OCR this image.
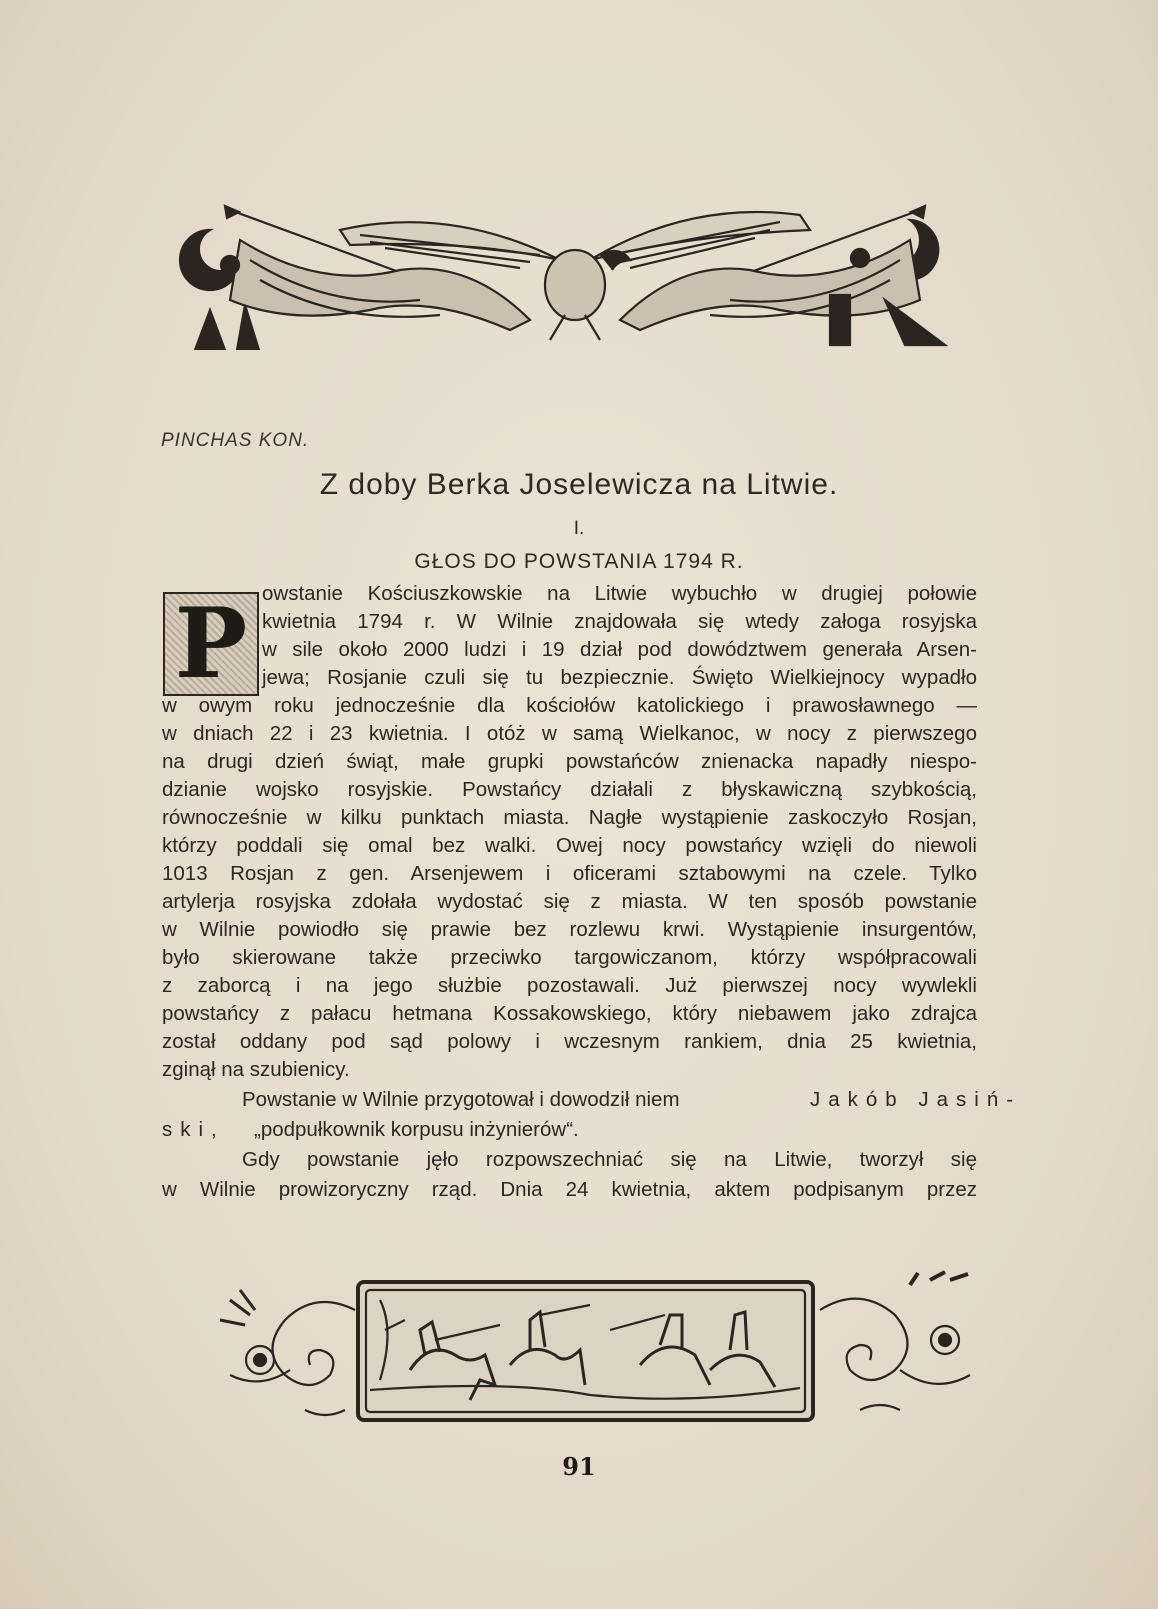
PINCHAS KON.
Z doby Berka Joselewicza na Litwie.
I.
GŁOS DO POWSTANIA 1794 R.
P owstanie Kościuszkowskie na Litwie wybuchło w drugiej połowie
kwietnia 1794 r. W Wilnie znajdowała się wtedy załoga rosyjska
w sile około 2000 ludzi i 19 dział pod dowództwem generała Arsen-
jewa; Rosjanie czuli się tu bezpiecznie. Święto Wielkiejnocy wypadło
w owym roku jednocześnie dla kościołów katolickiego i prawosławnego —
w dniach 22 i 23 kwietnia. I otóż w samą Wielkanoc, w nocy z pierwszego
na drugi dzień świąt, małe grupki powstańców znienacka napadły niespo-
dzianie wojsko rosyjskie. Powstańcy działali z błyskawiczną szybkością,
równocześnie w kilku punktach miasta. Nagłe wystąpienie zaskoczyło Rosjan,
którzy poddali się omal bez walki. Owej nocy powstańcy wzięli do niewoli
1013 Rosjan z gen. Arsenjewem i oficerami sztabowymi na czele. Tylko
artylerja rosyjska zdołała wydostać się z miasta. W ten sposób powstanie
w Wilnie powiodło się prawie bez rozlewu krwi. Wystąpienie insurgentów,
było skierowane także przeciwko targowiczanom, którzy współpracowali
z zaborcą i na jego służbie pozostawali. Już pierwszej nocy wywlekli
powstańcy z pałacu hetmana Kossakowskiego, który niebawem jako zdrajca
został oddany pod sąd polowy i wczesnym rankiem, dnia 25 kwietnia,
zginął na szubienicy.
Powstanie w Wilnie przygotował i dowodził niem	Jakób Jasiń-
ski,	„podpułkownik korpusu inżynierów“.
Gdy powstanie jęło rozpowszechniać się na Litwie, tworzył się
w Wilnie prowizoryczny rząd. Dnia 24 kwietnia, aktem podpisanym przez
91
